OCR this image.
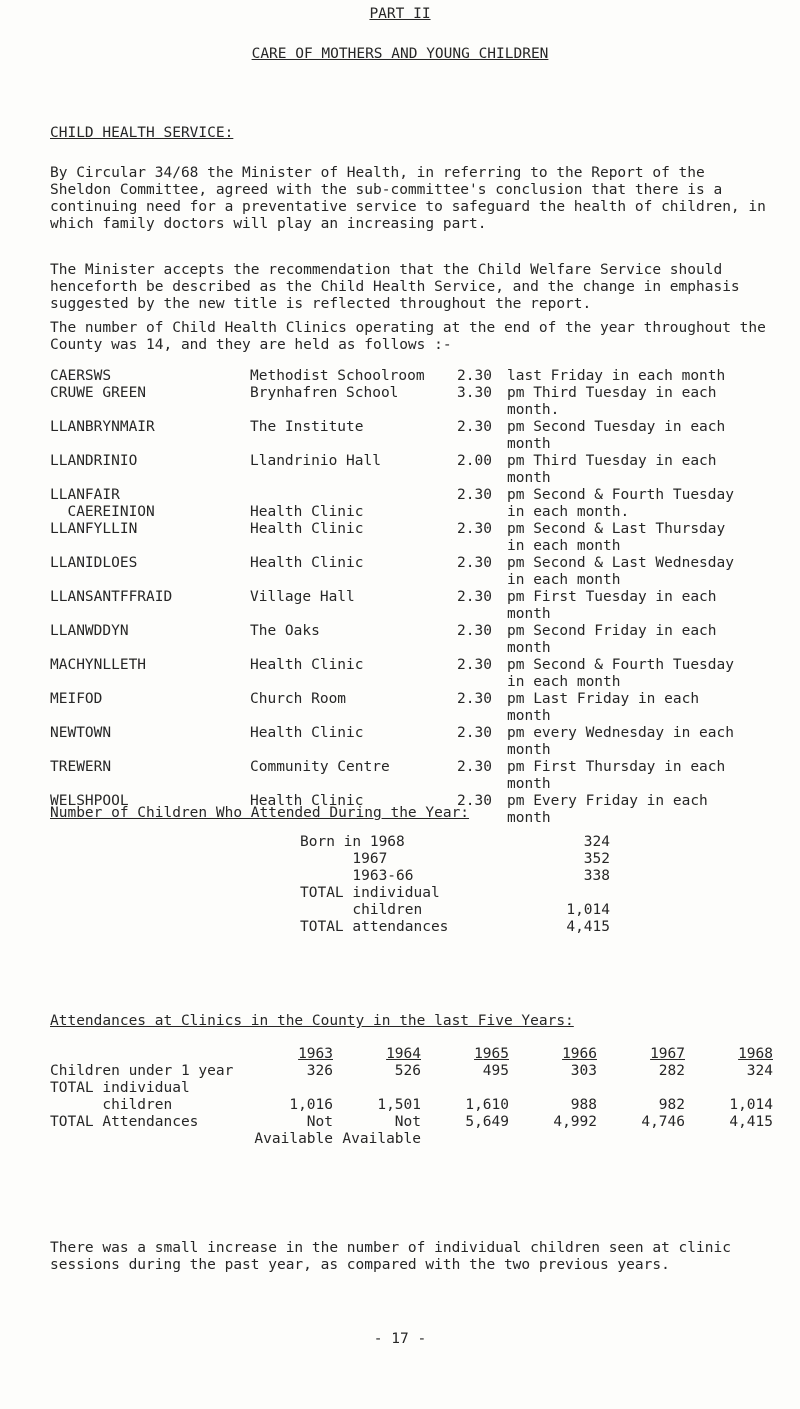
PART II
CARE OF MOTHERS AND YOUNG CHILDREN
CHILD HEALTH SERVICE:
By Circular 34/68 the Minister of Health, in referring to the Report of the Sheldon Committee, agreed with the sub-committee's conclusion that there is a continuing need for a preventative service to safeguard the health of children, in which family doctors will play an increasing part.
The Minister accepts the recommendation that the Child Welfare Service should henceforth be described as the Child Health Service, and the change in emphasis suggested by the new title is reflected throughout the report.
The number of Child Health Clinics operating at the end of the year throughout the County was 14, and they are held as follows :-
CAERSWS	Methodist Schoolroom	2.30	last Friday in each month
CRUWE GREEN	Brynhafren School	3.30	pm Third Tuesday in each month.
LLANBRYNMAIR	The Institute	2.30	pm Second Tuesday in each month
LLANDRINIO	Llandrinio Hall	2.00	pm Third Tuesday in each month
LLANFAIR
CAEREINION	
Health Clinic	2.30	pm Second & Fourth Tuesday in each month.
LLANFYLLIN	Health Clinic	2.30	pm Second & Last Thursday in each month
LLANIDLOES	Health Clinic	2.30	pm Second & Last Wednesday in each month
LLANSANTFFRAID	Village Hall	2.30	pm First Tuesday in each month
LLANWDDYN	The Oaks	2.30	pm Second Friday in each month
MACHYNLLETH	Health Clinic	2.30	pm Second & Fourth Tuesday in each month
MEIFOD	Church Room	2.30	pm Last Friday in each month
NEWTOWN	Health Clinic	2.30	pm every Wednesday in each month
TREWERN	Community Centre	2.30	pm First Thursday in each month
WELSHPOOL	Health Clinic	2.30	pm Every Friday in each month
Number of Children Who Attended During the Year:
Born in 1968	324
1967	352
1963-66	338
TOTAL individual	
children	1,014
TOTAL attendances	4,415
Attendances at Clinics in the County in the last Five Years:
	1963	1964	1965	1966	1967	1968
Children under 1 year	326	526	495	303	282	324
TOTAL individual						
children	1,016	1,501	1,610	988	982	1,014
TOTAL Attendances	Not	Not	5,649	4,992	4,746	4,415
	Available	Available				
There was a small increase in the number of individual children seen at clinic sessions during the past year, as compared with the two previous years.
- 17 -
